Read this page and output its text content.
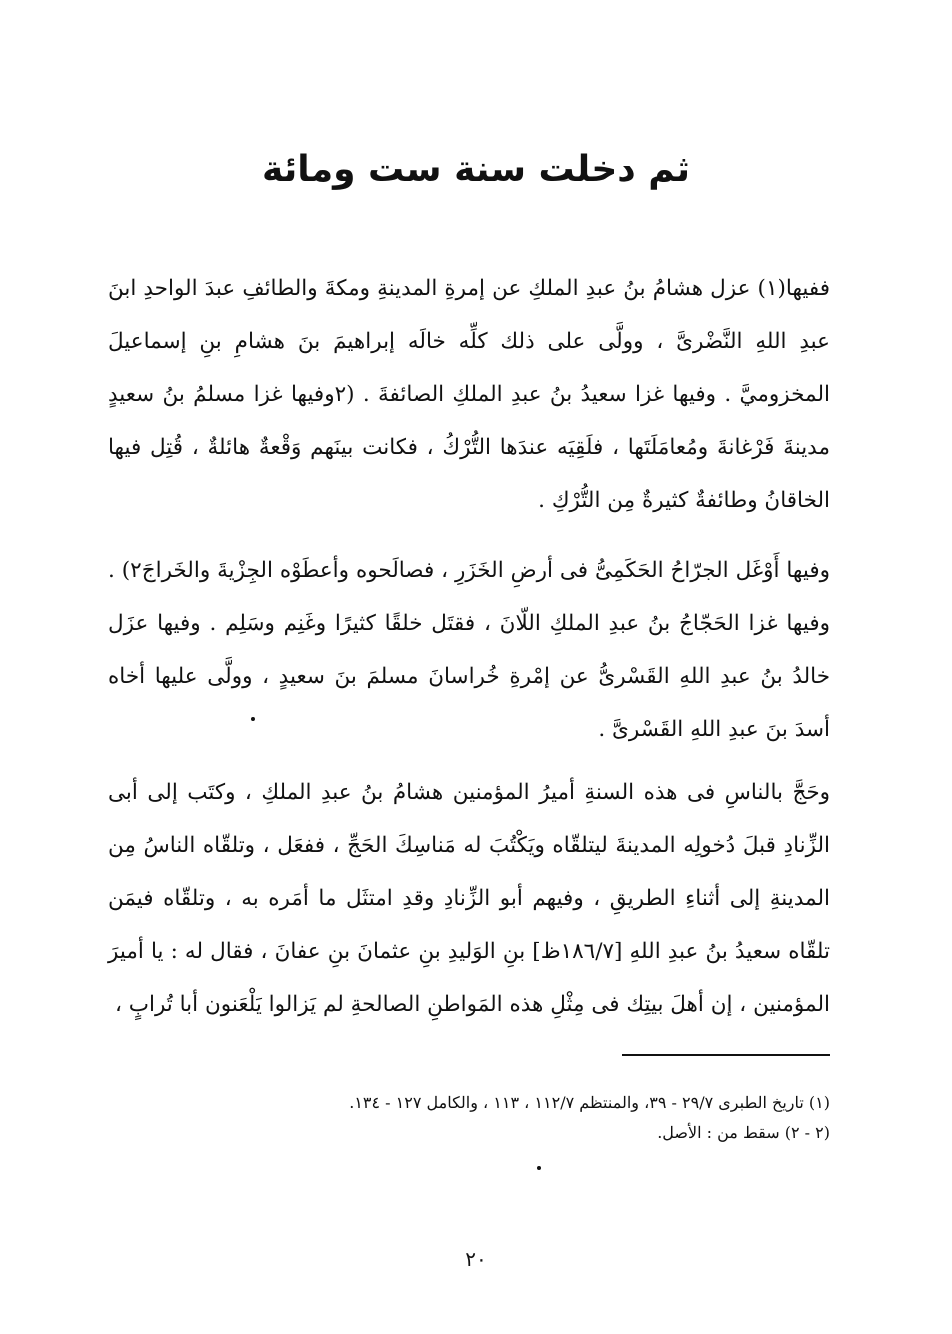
ثم دخلت سنة ست ومائة

ففيها(١) عزل هشامُ بنُ عبدِ الملكِ عن إمرةِ المدينةِ ومكةَ والطائفِ عبدَ الواحدِ ابنَ عبدِ اللهِ النَّضْرىَّ ، وولَّى على ذلك كلِّه خالَه إبراهيمَ بنَ هشامِ بنِ إسماعيلَ المخزوميَّ . وفيها غزا سعيدُ بنُ عبدِ الملكِ الصائفةَ . (٢وفيها غزا مسلمُ بنُ سعيدٍ مدينةَ فَرْغانةَ ومُعامَلَتَها ، فلَقِيَه عندَها التُّرْكُ ، فكانت بينَهم وَقْعةٌ هائلةٌ ، قُتِل فيها الخاقانُ وطائفةٌ كثيرةٌ مِن التُّرْكِ .

وفيها أَوْغَل الجرّاحُ الحَكَمِىُّ فى أرضِ الخَزَرِ ، فصالَحوه وأعطَوْه الجِزْيةَ والخَراجَ٢) . وفيها غزا الحَجّاجُ بنُ عبدِ الملكِ اللّانَ ، فقتَل خلقًا كثيرًا وغَنِم وسَلِم . وفيها عزَل خالدُ بنُ عبدِ اللهِ القَسْرىُّ عن إمْرةِ خُراسانَ مسلمَ بنَ سعيدٍ ، وولَّى عليها أخاه أسدَ بنَ عبدِ اللهِ القَسْرىَّ .

وحَجَّ بالناسِ فى هذه السنةِ أميرُ المؤمنين هشامُ بنُ عبدِ الملكِ ، وكتَب إلى أبى الزِّنادِ قبلَ دُخولِه المدينةَ ليتلقّاه ويَكْتُبَ له مَناسِكَ الحَجِّ ، ففعَل ، وتلقّاه الناسُ مِن المدينةِ إلى أثناءِ الطريقِ ، وفيهم أبو الزِّنادِ وقدِ امتثَل ما أمَره به ، وتلقّاه فيمَن تلقّاه سعيدُ بنُ عبدِ اللهِ [١٨٦/٧ظ] بنِ الوَليدِ بنِ عثمانَ بنِ عفانَ ، فقال له : يا أميرَ المؤمنين ، إن أهلَ بيتِك فى مِثْلِ هذه المَواطنِ الصالحةِ لم يَزالوا يَلْعَنون أبا تُرابٍ ،

(١) تاريخ الطبرى ٢٩/٧ - ٣٩، والمنتظم ١١٢/٧ ، ١١٣ ، والكامل ١٢٧ - ١٣٤.
(٢ - ٢) سقط من : الأصل.
٢٠
